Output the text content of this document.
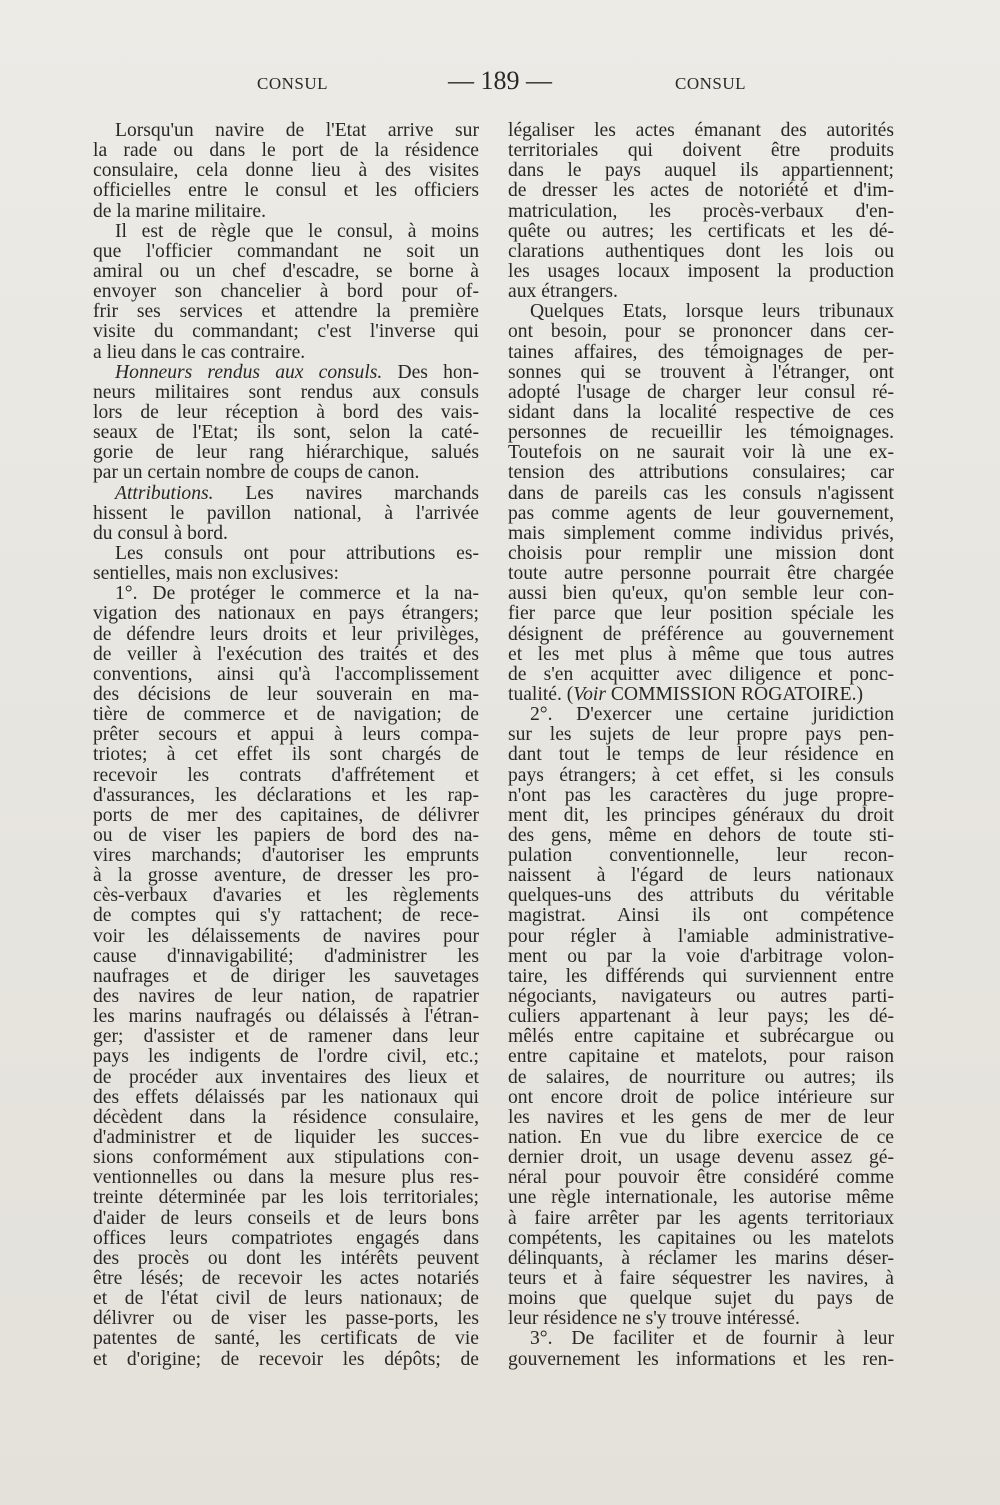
CONSUL	— 189 —	CONSUL
Lorsqu'un navire de l'Etat arrive sur
la rade ou dans le port de la résidence
consulaire, cela donne lieu à des visites
officielles entre le consul et les officiers
de la marine militaire.
Il est de règle que le consul, à moins
que l'officier commandant ne soit un
amiral ou un chef d'escadre, se borne à
envoyer son chancelier à bord pour of-
frir ses services et attendre la première
visite du commandant; c'est l'inverse qui
a lieu dans le cas contraire.
Honneurs rendus aux consuls. Des hon-
neurs militaires sont rendus aux consuls
lors de leur réception à bord des vais-
seaux de l'Etat; ils sont, selon la caté-
gorie de leur rang hiérarchique, salués
par un certain nombre de coups de canon.
Attributions. Les navires marchands
hissent le pavillon national, à l'arrivée
du consul à bord.
Les consuls ont pour attributions es-
sentielles, mais non exclusives:
1°. De protéger le commerce et la na-
vigation des nationaux en pays étrangers;
de défendre leurs droits et leur privilèges,
de veiller à l'exécution des traités et des
conventions, ainsi qu'à l'accomplissement
des décisions de leur souverain en ma-
tière de commerce et de navigation; de
prêter secours et appui à leurs compa-
triotes; à cet effet ils sont chargés de
recevoir les contrats d'affrétement et
d'assurances, les déclarations et les rap-
ports de mer des capitaines, de délivrer
ou de viser les papiers de bord des na-
vires marchands; d'autoriser les emprunts
à la grosse aventure, de dresser les pro-
cès-verbaux d'avaries et les règlements
de comptes qui s'y rattachent; de rece-
voir les délaissements de navires pour
cause d'innavigabilité; d'administrer les
naufrages et de diriger les sauvetages
des navires de leur nation, de rapatrier
les marins naufragés ou délaissés à l'étran-
ger; d'assister et de ramener dans leur
pays les indigents de l'ordre civil, etc.;
de procéder aux inventaires des lieux et
des effets délaissés par les nationaux qui
décèdent dans la résidence consulaire,
d'administrer et de liquider les succes-
sions conformément aux stipulations con-
ventionnelles ou dans la mesure plus res-
treinte déterminée par les lois territoriales;
d'aider de leurs conseils et de leurs bons
offices leurs compatriotes engagés dans
des procès ou dont les intérêts peuvent
être lésés; de recevoir les actes notariés
et de l'état civil de leurs nationaux; de
délivrer ou de viser les passe-ports, les
patentes de santé, les certificats de vie
et d'origine; de recevoir les dépôts; de
légaliser les actes émanant des autorités
territoriales qui doivent être produits
dans le pays auquel ils appartiennent;
de dresser les actes de notoriété et d'im-
matriculation, les procès-verbaux d'en-
quête ou autres; les certificats et les dé-
clarations authentiques dont les lois ou
les usages locaux imposent la production
aux étrangers.
Quelques Etats, lorsque leurs tribunaux
ont besoin, pour se prononcer dans cer-
taines affaires, des témoignages de per-
sonnes qui se trouvent à l'étranger, ont
adopté l'usage de charger leur consul ré-
sidant dans la localité respective de ces
personnes de recueillir les témoignages.
Toutefois on ne saurait voir là une ex-
tension des attributions consulaires; car
dans de pareils cas les consuls n'agissent
pas comme agents de leur gouvernement,
mais simplement comme individus privés,
choisis pour remplir une mission dont
toute autre personne pourrait être chargée
aussi bien qu'eux, qu'on semble leur con-
fier parce que leur position spéciale les
désignent de préférence au gouvernement
et les met plus à même que tous autres
de s'en acquitter avec diligence et ponc-
tualité. (Voir COMMISSION ROGATOIRE.)
2°. D'exercer une certaine juridiction
sur les sujets de leur propre pays pen-
dant tout le temps de leur résidence en
pays étrangers; à cet effet, si les consuls
n'ont pas les caractères du juge propre-
ment dit, les principes généraux du droit
des gens, même en dehors de toute sti-
pulation conventionnelle, leur recon-
naissent à l'égard de leurs nationaux
quelques-uns des attributs du véritable
magistrat. Ainsi ils ont compétence
pour régler à l'amiable administrative-
ment ou par la voie d'arbitrage volon-
taire, les différends qui surviennent entre
négociants, navigateurs ou autres parti-
culiers appartenant à leur pays; les dé-
mêlés entre capitaine et subrécargue ou
entre capitaine et matelots, pour raison
de salaires, de nourriture ou autres; ils
ont encore droit de police intérieure sur
les navires et les gens de mer de leur
nation. En vue du libre exercice de ce
dernier droit, un usage devenu assez gé-
néral pour pouvoir être considéré comme
une règle internationale, les autorise même
à faire arrêter par les agents territoriaux
compétents, les capitaines ou les matelots
délinquants, à réclamer les marins déser-
teurs et à faire séquestrer les navires, à
moins que quelque sujet du pays de
leur résidence ne s'y trouve intéressé.
3°. De faciliter et de fournir à leur
gouvernement les informations et les ren-
